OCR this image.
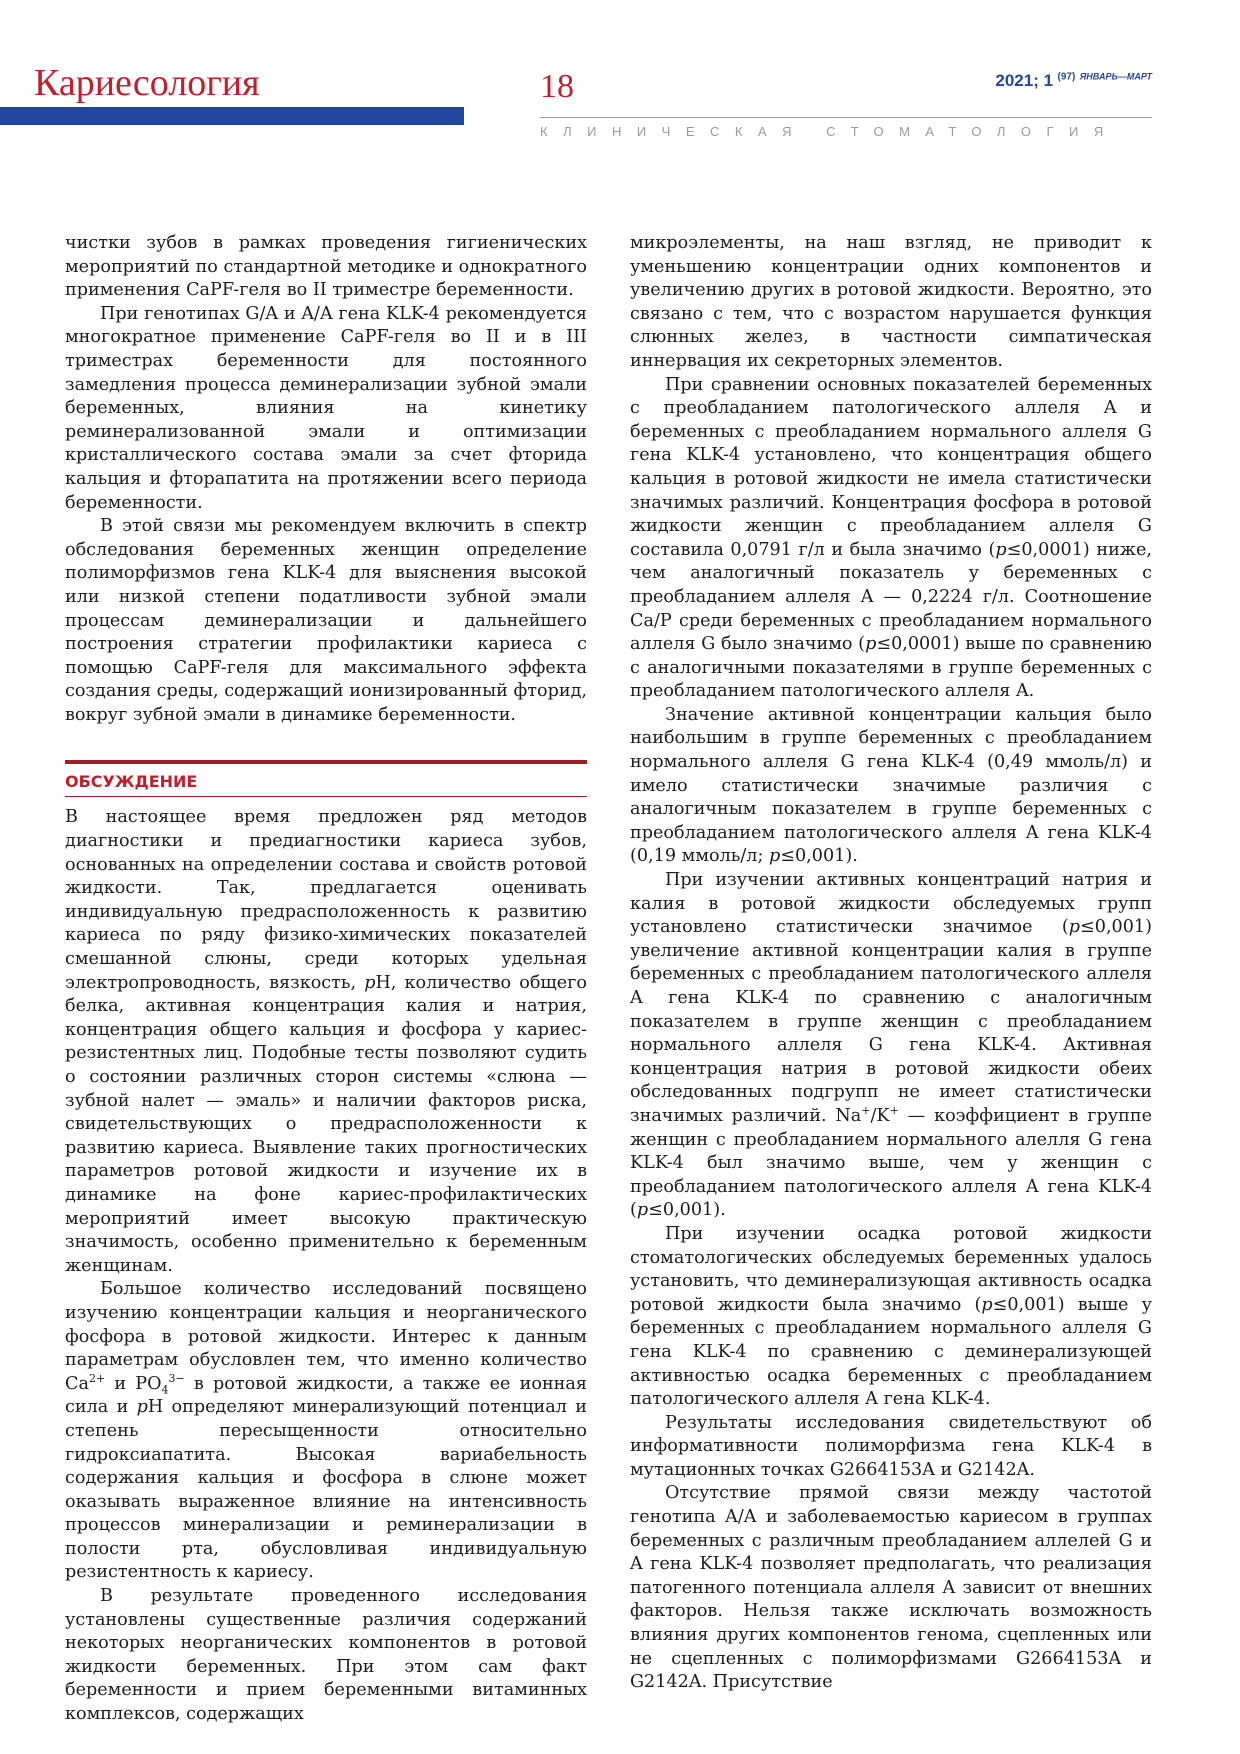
Кариесология	18	2021; 1 $^{(97)}$ $^{ЯНВАРЬ—МАРТ}$
КЛИНИЧЕСКАЯ СТОМАТОЛОГИЯ

чистки зубов в рамках проведения гигиенических мероприятий по стандартной методике и однократного применения CaPF-геля во II триместре беременности.

При генотипах G/A и A/A гена KLK-4 рекомендуется многократное применение CaPF-геля во II и в III триместрах беременности для постоянного замедления процесса деминерализации зубной эмали беременных, влияния на кинетику реминерализованной эмали и оптимизации кристаллического состава эмали за счет фторида кальция и фторапатита на протяжении всего периода беременности.

В этой связи мы рекомендуем включить в спектр обследования беременных женщин определение полиморфизмов гена KLK-4 для выяснения высокой или низкой степени податливости зубной эмали процессам деминерализации и дальнейшего построения стратегии профилактики кариеса с помощью CaPF-геля для максимального эффекта создания среды, содержащий ионизированный фторид, вокруг зубной эмали в динамике беременности.

ОБСУЖДЕНИЕ

В настоящее время предложен ряд методов диагностики и предиагностики кариеса зубов, основанных на определении состава и свойств ротовой жидкости. Так, предлагается оценивать индивидуальную предрасположенность к развитию кариеса по ряду физико-химических показателей смешанной слюны, среди которых удельная электропроводность, вязкость, pH, количество общего белка, активная концентрация калия и натрия, концентрация общего кальция и фосфора у кариес-резистентных лиц. Подобные тесты позволяют судить о состоянии различных сторон системы «слюна — зубной налет — эмаль» и наличии факторов риска, свидетельствующих о предрасположенности к развитию кариеса. Выявление таких прогностических параметров ротовой жидкости и изучение их в динамике на фоне кариес-профилактических мероприятий имеет высокую практическую значимость, особенно применительно к беременным женщинам.

Большое количество исследований посвящено изучению концентрации кальция и неорганического фосфора в ротовой жидкости. Интерес к данным параметрам обусловлен тем, что именно количество $Ca^{2+}$ и $PO_4^{3-}$ в ротовой жидкости, а также ее ионная сила и pH определяют минерализующий потенциал и степень пересыщенности относительно гидроксиапатита. Высокая вариабельность содержания кальция и фосфора в слюне может оказывать выраженное влияние на интенсивность процессов минерализации и реминерализации в полости рта, обусловливая индивидуальную резистентность к кариесу.

В результате проведенного исследования установлены существенные различия содержаний некоторых неорганических компонентов в ротовой жидкости беременных. При этом сам факт беременности и прием беременными витаминных комплексов, содержащих

микроэлементы, на наш взгляд, не приводит к уменьшению концентрации одних компонентов и увеличению других в ротовой жидкости. Вероятно, это связано с тем, что с возрастом нарушается функция слюнных желез, в частности симпатическая иннервация их секреторных элементов.

При сравнении основных показателей беременных с преобладанием патологического аллеля A и беременных с преобладанием нормального аллеля G гена KLK-4 установлено, что концентрация общего кальция в ротовой жидкости не имела статистически значимых различий. Концентрация фосфора в ротовой жидкости женщин с преобладанием аллеля G составила 0,0791 г/л и была значимо (p≤0,0001) ниже, чем аналогичный показатель у беременных с преобладанием аллеля A — 0,2224 г/л. Соотношение Ca/P среди беременных с преобладанием нормального аллеля G было значимо (p≤0,0001) выше по сравнению с аналогичными показателями в группе беременных с преобладанием патологического аллеля A.

Значение активной концентрации кальция было наибольшим в группе беременных с преобладанием нормального аллеля G гена KLK-4 (0,49 ммоль/л) и имело статистически значимые различия с аналогичным показателем в группе беременных с преобладанием патологического аллеля A гена KLK-4 (0,19 ммоль/л; p≤0,001).

При изучении активных концентраций натрия и калия в ротовой жидкости обследуемых групп установлено статистически значимое (p≤0,001) увеличение активной концентрации калия в группе беременных с преобладанием патологического аллеля A гена KLK-4 по сравнению с аналогичным показателем в группе женщин с преобладанием нормального аллеля G гена KLK-4. Активная концентрация натрия в ротовой жидкости обеих обследованных подгрупп не имеет статистически значимых различий. Na+/K+ — коэффициент в группе женщин с преобладанием нормального алелля G гена KLK-4 был значимо выше, чем у женщин с преобладанием патологического аллеля A гена KLK-4 (p≤0,001).

При изучении осадка ротовой жидкости стоматологических обследуемых беременных удалось установить, что деминерализующая активность осадка ротовой жидкости была значимо (p≤0,001) выше у беременных с преобладанием нормального аллеля G гена KLK-4 по сравнению с деминерализующей активностью осадка беременных с преобладанием патологического аллеля A гена KLK-4.

Результаты исследования свидетельствуют об информативности полиморфизма гена KLK-4 в мутационных точках G2664153A и G2142A.

Отсутствие прямой связи между частотой генотипа A/A и заболеваемостью кариесом в группах беременных с различным преобладанием аллелей G и A гена KLK-4 позволяет предполагать, что реализация патогенного потенциала аллеля A зависит от внешних факторов. Нельзя также исключать возможность влияния других компонентов генома, сцепленных или не сцепленных с полиморфизмами G2664153A и G2142A. Присутствие
